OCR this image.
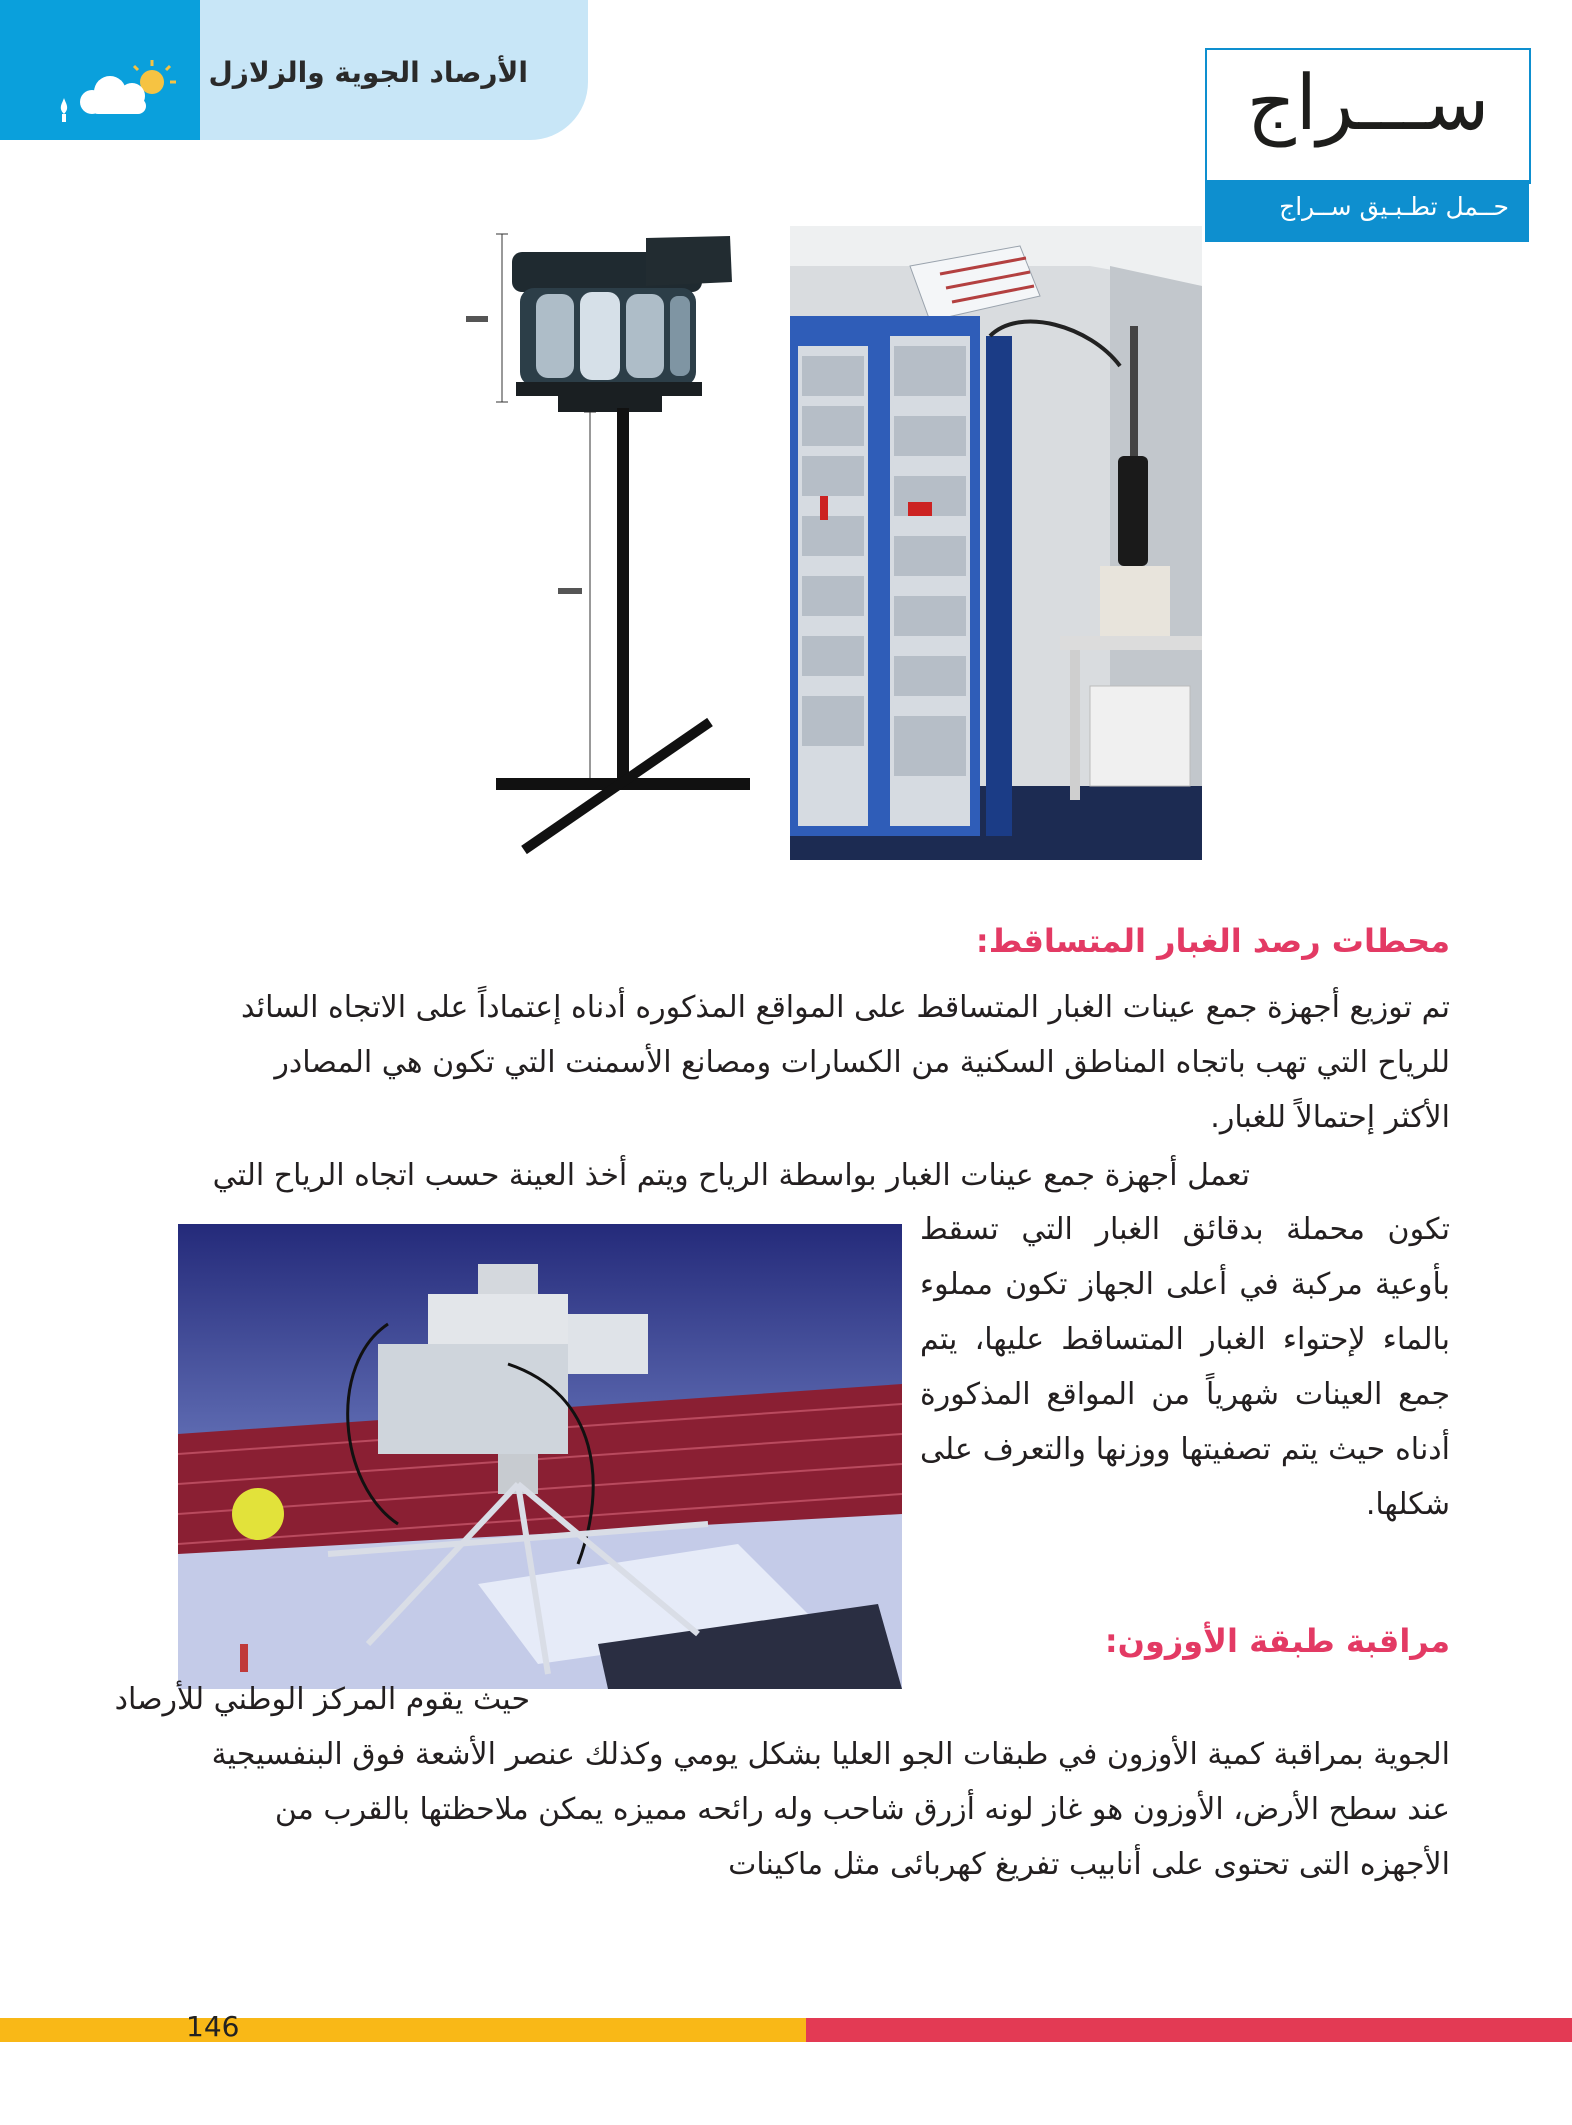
الأرصاد الجوية والزلازل	ســـراج
حــمل تطـبـيق ســراج
محطات رصد الغبار المتساقط:

تم توزيع أجهزة جمع عينات الغبار المتساقط على المواقع المذكوره أدناه إعتماداً على الاتجاه السائد للرياح التي تهب باتجاه المناطق السكنية من الكسارات ومصانع الأسمنت التي تكون هي المصادر الأكثر إحتمالاً للغبار.

تعمل أجهزة جمع عينات الغبار بواسطة الرياح ويتم أخذ العينة حسب اتجاه الرياح التي

تكون محملة بدقائق الغبار التي تسقط بأوعية مركبة في أعلى الجهاز تكون مملوء بالماء لإحتواء الغبار المتساقط عليها، يتم جمع العينات شهرياً من المواقع المذكورة أدناه حيث يتم تصفيتها ووزنها والتعرف على شكلها.

مراقبة طبقة الأوزون:

حيث يقوم المركز الوطني للأرصاد

الجوية بمراقبة كمية الأوزون في طبقات الجو العليا بشكل يومي وكذلك عنصر الأشعة فوق البنفسيجية عند سطح الأرض، الأوزون هو غاز لونه أزرق شاحب وله رائحه مميزه يمكن ملاحظتها بالقرب من الأجهزه التى تحتوى على أنابيب تفريغ كهربائى مثل ماكينات

146
